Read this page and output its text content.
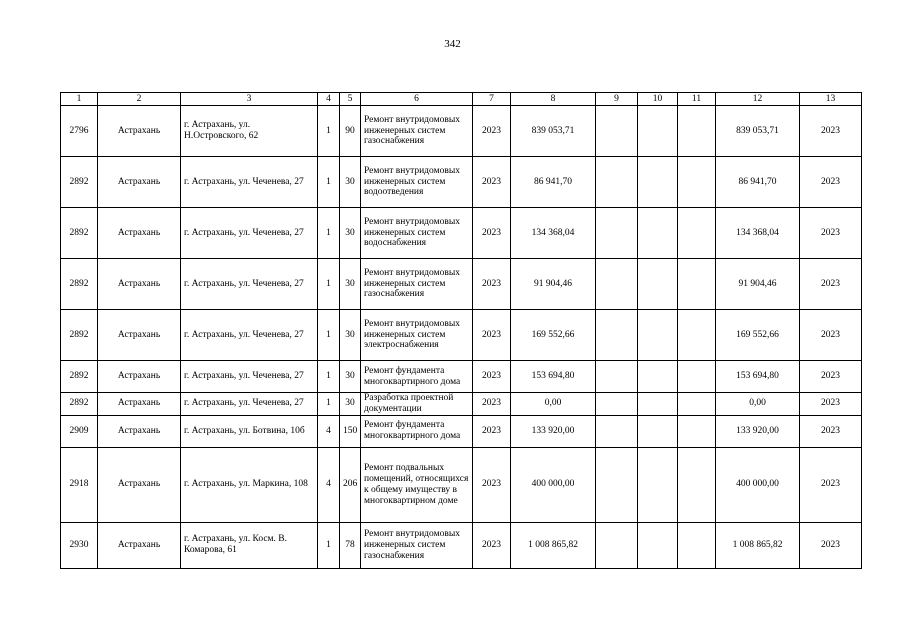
342
1	2	3	4	5	6	7	8	9	10	11	12	13
2796	Астрахань	г. Астрахань, ул. Н.Островского, 62	1	90	Ремонт внутридомовых инженерных систем газоснабжения	2023	839 053,71				839 053,71	2023
2892	Астрахань	г. Астрахань, ул. Чеченева, 27	1	30	Ремонт внутридомовых инженерных систем водоотведения	2023	86 941,70				86 941,70	2023
2892	Астрахань	г. Астрахань, ул. Чеченева, 27	1	30	Ремонт внутридомовых инженерных систем водоснабжения	2023	134 368,04				134 368,04	2023
2892	Астрахань	г. Астрахань, ул. Чеченева, 27	1	30	Ремонт внутридомовых инженерных систем газоснабжения	2023	91 904,46				91 904,46	2023
2892	Астрахань	г. Астрахань, ул. Чеченева, 27	1	30	Ремонт внутридомовых инженерных систем электроснабжения	2023	169 552,66				169 552,66	2023
2892	Астрахань	г. Астрахань, ул. Чеченева, 27	1	30	Ремонт фундамента многоквартирного дома	2023	153 694,80				153 694,80	2023
2892	Астрахань	г. Астрахань, ул. Чеченева, 27	1	30	Разработка проектной документации	2023	0,00				0,00	2023
2909	Астрахань	г. Астрахань, ул. Ботвина, 10б	4	150	Ремонт фундамента многоквартирного дома	2023	133 920,00				133 920,00	2023
2918	Астрахань	г. Астрахань, ул. Маркина, 108	4	206	Ремонт подвальных помещений, относящихся к общему имуществу в многоквартирном доме	2023	400 000,00				400 000,00	2023
2930	Астрахань	г. Астрахань, ул. Косм. В. Комарова, 61	1	78	Ремонт внутридомовых инженерных систем газоснабжения	2023	1 008 865,82				1 008 865,82	2023
